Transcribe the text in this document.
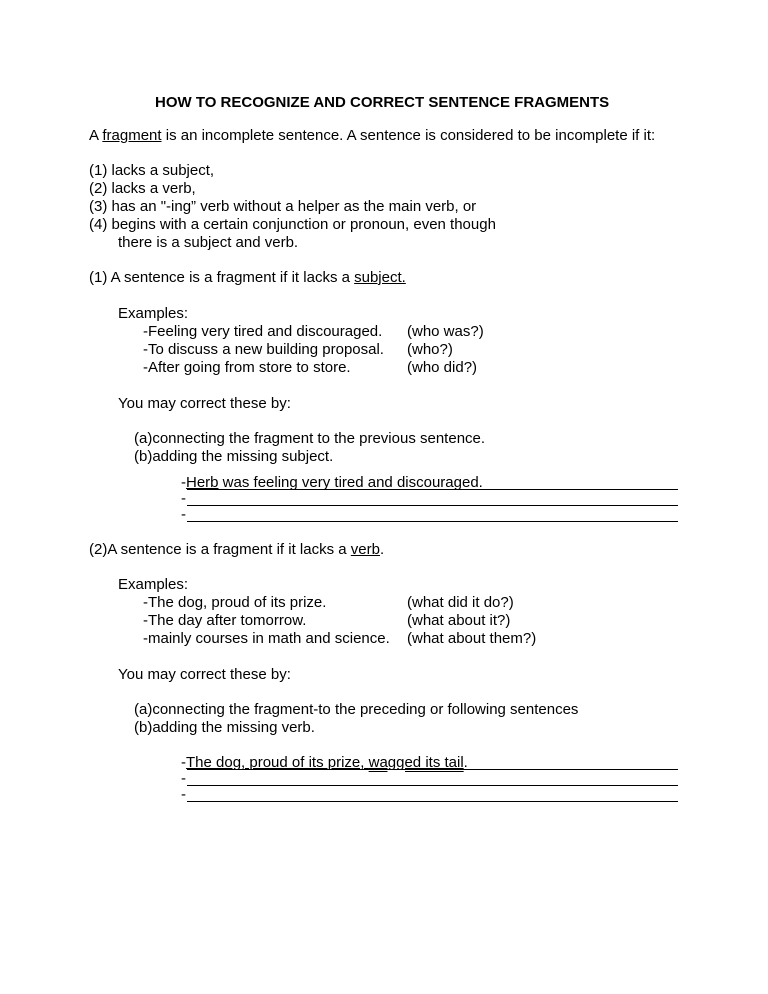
HOW TO RECOGNIZE AND CORRECT SENTENCE FRAGMENTS
A fragment is an incomplete sentence. A sentence is considered to be incomplete if it:
(1) lacks a subject,
(2) lacks a verb,
(3) has an "-ing” verb without a helper as the main verb, or
(4) begins with a certain conjunction or pronoun, even though
there is a subject and verb.
(1) A sentence is a fragment if it lacks a subject.
Examples:
-Feeling very tired and discouraged. (who was?)
-To discuss a new building proposal. (who?)
-After going from store to store.	(who did?)
You may correct these by:
(a)connecting the fragment to the previous sentence.
(b)adding the missing subject.
-Herb was feeling very tired and discouraged.
-
-
(2)A sentence is a fragment if it lacks a verb.
Examples:
-The dog, proud of its prize.	(what did it do?)
-The day after tomorrow.	(what about it?)
-mainly courses in math and science. (what about them?)
You may correct these by:
(a)connecting the fragment-to the preceding or following sentences
(b)adding the missing verb.
-The dog, proud of its prize, wagged its tail.
-
-
